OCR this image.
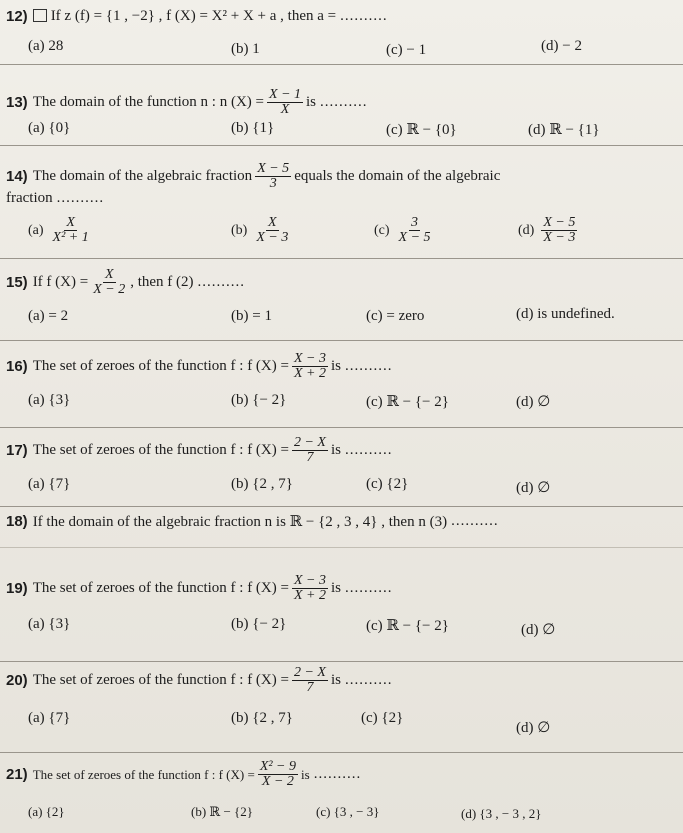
12) If z (f) = {1 , −2} , f (X) = X² + X + a , then a = ..........
(a) 28	(b) 1	(c) − 1	(d) − 2
13) The domain of the function n : n $(X) = \frac{X - 1}{X}$ is ..........
(a) {0}	(b) {1}	(c) ℝ − {0}	(d) ℝ − {1}
14) The domain of the algebraic fraction $\frac{X - 5}{3}$ equals the domain of the algebraic
fraction ..........
$(a) \frac{X}{\text{X² + 1}}$	$(b) \frac{X}{X - 3}$	$(c) \frac{3}{X - 5}$	$(d) \frac{X - 5}{X - 3}$
15) If f $(X) = \frac{X}{X - 2}$ , then f (2) ..........
(a) = 2	(b) = 1	(c) = zero	(d) is undefined.
16) The set of zeroes of the function f : f $(X) = \frac{X - 3}{X + 2}$ is ..........
(a) {3}	(b) {− 2}	(c) ℝ − {− 2}	(d) ∅
17) The set of zeroes of the function f : f $(X) = \frac{2 - X}{7}$ is ..........
(a) {7}	(b) {2 , 7}	(c) {2}	(d) ∅
18) If the domain of the algebraic fraction n is ℝ − {2 , 3 , 4} , then n (3) ..........
19) The set of zeroes of the function f : f $(X) = \frac{X - 3}{X + 2}$ is ..........
(a) {3}	(b) {− 2}	(c) ℝ − {− 2}	(d) ∅
20) The set of zeroes of the function f : f $(X) = \frac{2 - X}{7}$ is ..........
(a) {7}	(b) {2 , 7}	(c) {2}
(d) ∅
21) The set of zeroes of the function f : f $(X) = \frac{\text{X² − 9}}{X - 2}$ is ..........
(a) {2}	(b) ℝ − {2}	(c) {3 , − 3}	(d) {3 , − 3 , 2}
